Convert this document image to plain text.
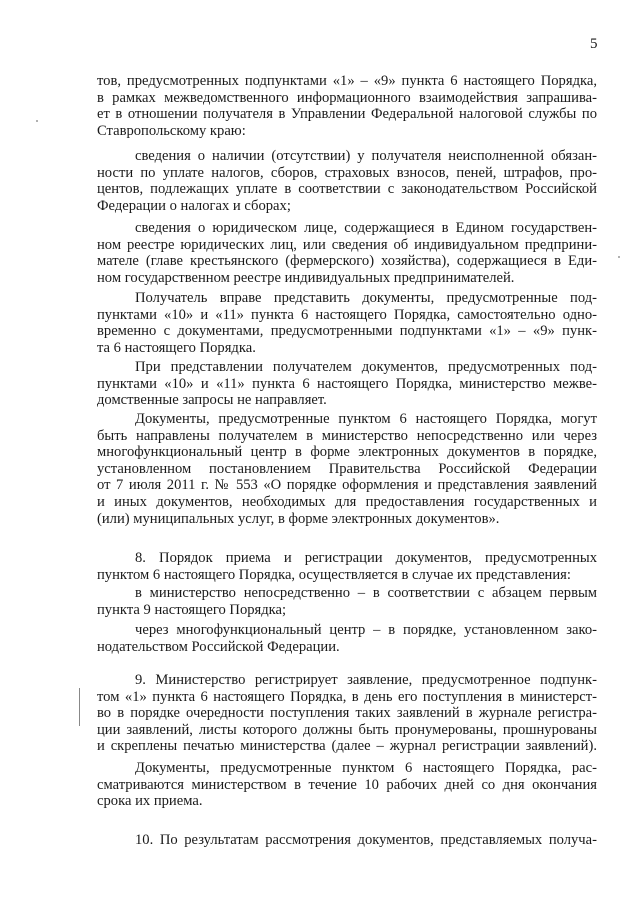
5
тов, предусмотренных подпунктами «1» – «9» пункта 6 настоящего Порядка,
в рамках межведомственного информационного взаимодействия запрашива-
ет в отношении получателя в Управлении Федеральной налоговой службы по
Ставропольскому краю:
сведения о наличии (отсутствии) у получателя неисполненной обязан-
ности по уплате налогов, сборов, страховых взносов, пеней, штрафов, про-
центов, подлежащих уплате в соответствии с законодательством Российской
Федерации о налогах и сборах;
сведения о юридическом лице, содержащиеся в Едином государствен-
ном реестре юридических лиц, или сведения об индивидуальном предприни-
мателе (главе крестьянского (фермерского) хозяйства), содержащиеся в Еди-
ном государственном реестре индивидуальных предпринимателей.
Получатель вправе представить документы, предусмотренные под-
пунктами «10» и «11» пункта 6 настоящего Порядка, самостоятельно одно-
временно с документами, предусмотренными подпунктами «1» – «9» пунк-
та 6 настоящего Порядка.
При представлении получателем документов, предусмотренных под-
пунктами «10» и «11» пункта 6 настоящего Порядка, министерство межве-
домственные запросы не направляет.
Документы, предусмотренные пунктом 6 настоящего Порядка, могут
быть направлены получателем в министерство непосредственно или через
многофункциональный центр в форме электронных документов в порядке,
установленном постановлением Правительства Российской Федерации
от 7 июля 2011 г. № 553 «О порядке оформления и представления заявлений
и иных документов, необходимых для предоставления государственных и
(или) муниципальных услуг, в форме электронных документов».
8. Порядок приема и регистрации документов, предусмотренных
пунктом 6 настоящего Порядка, осуществляется в случае их представления:
в министерство непосредственно – в соответствии с абзацем первым
пункта 9 настоящего Порядка;
через многофункциональный центр – в порядке, установленном зако-
нодательством Российской Федерации.
9. Министерство регистрирует заявление, предусмотренное подпунк-
том «1» пункта 6 настоящего Порядка, в день его поступления в министерст-
во в порядке очередности поступления таких заявлений в журнале регистра-
ции заявлений, листы которого должны быть пронумерованы, прошнурованы
и скреплены печатью министерства (далее – журнал регистрации заявлений).
Документы, предусмотренные пунктом 6 настоящего Порядка, рас-
сматриваются министерством в течение 10 рабочих дней со дня окончания
срока их приема.
10. По результатам рассмотрения документов, представляемых получа-
